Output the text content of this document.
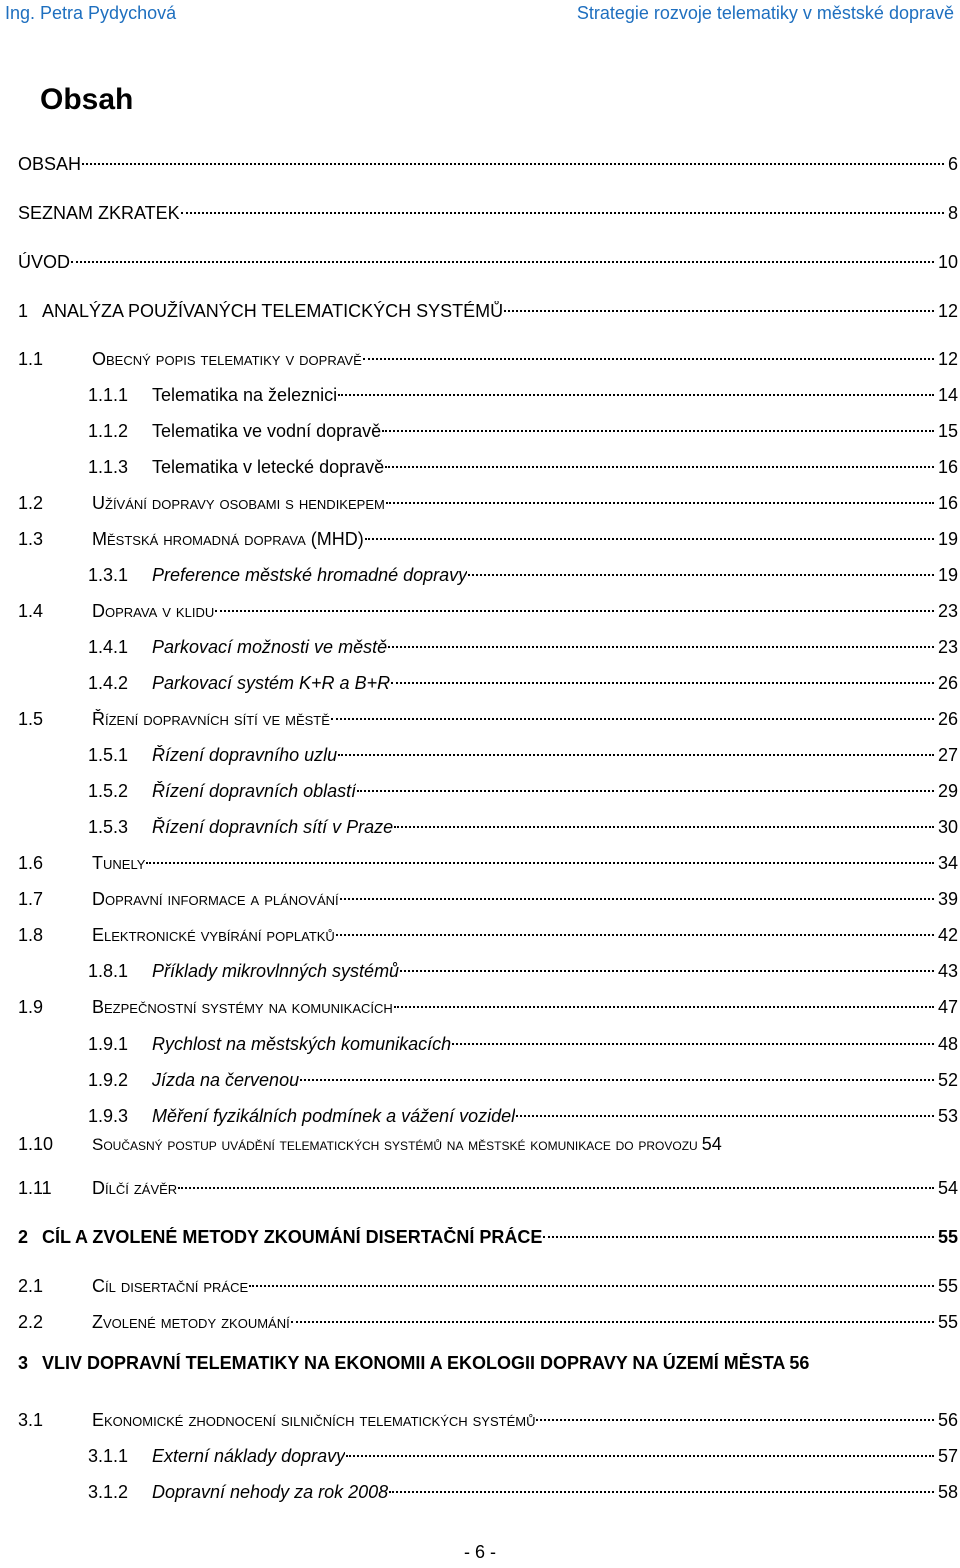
Ing. Petra Pydychová	Strategie rozvoje telematiky v městské dopravě
Obsah
OBSAH	6
SEZNAM ZKRATEK	8
ÚVOD	10
1 ANALÝZA POUŽÍVANÝCH TELEMATICKÝCH SYSTÉMŮ	12
1.1	Obecný popis telematiky v dopravě	12
1.1.1	Telematika na železnici	14
1.1.2	Telematika ve vodní dopravě	15
1.1.3	Telematika v letecké dopravě	16
1.2	Užívání dopravy osobami s hendikepem	16
1.3	Městská hromadná doprava (MHD)	19
1.3.1	Preference městské hromadné dopravy	19
1.4	Doprava v klidu	23
1.4.1	Parkovací možnosti ve městě	23
1.4.2	Parkovací systém K+R a B+R	26
1.5	Řízení dopravních sítí ve městě	26
1.5.1	Řízení dopravního uzlu	27
1.5.2	Řízení dopravních oblastí	29
1.5.3	Řízení dopravních sítí v Praze	30
1.6	Tunely	34
1.7	Dopravní informace a plánování	39
1.8	Elektronické vybírání poplatků	42
1.8.1	Příklady mikrovlnných systémů	43
1.9	Bezpečnostní systémy na komunikacích	47
1.9.1	Rychlost na městských komunikacích	48
1.9.2	Jízda na červenou	52
1.9.3	Měření fyzikálních podmínek a vážení vozidel	53
1.10	Současný postup uvádění telematických systémů na městské komunikace do provozu 54
1.11	Dílčí závěr	54
2 CÍL A ZVOLENÉ METODY ZKOUMÁNÍ DISERTAČNÍ PRÁCE	55
2.1	Cíl disertační práce	55
2.2	Zvolené metody zkoumání	55
3 VLIV DOPRAVNÍ TELEMATIKY NA EKONOMII A EKOLOGII DOPRAVY NA ÚZEMÍ MĚSTA 56
3.1	Ekonomické zhodnocení silničních telematických systémů	56
3.1.1	Externí náklady dopravy	57
3.1.2	Dopravní nehody za rok 2008	58
- 6 -
